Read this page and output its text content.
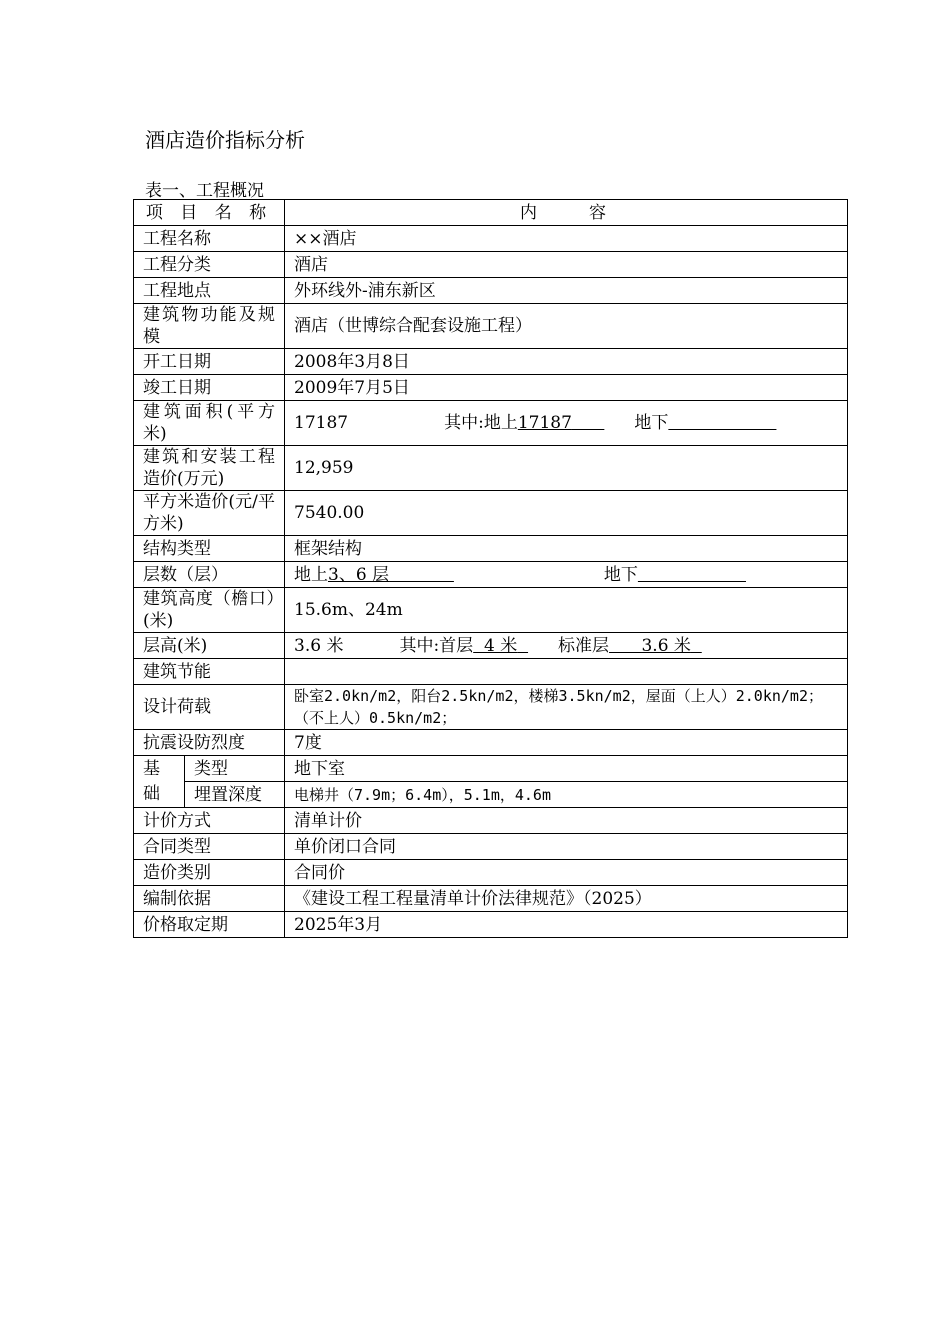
酒店造价指标分析
表一、工程概况
项 目 名 称		内　　容
工程名称		××酒店
工程分类		酒店
工程地点		外环线外-浦东新区
建筑物功能及规模		酒店（世博综合配套设施工程）
开工日期		2008年3月8日
竣工日期		2009年7月5日
建筑面积(平方米)		17187 其中:地上17187 地下
建筑和安装工程造价(万元)		12,959
平方米造价(元/平方米)		7540.00
结构类型		框架结构
层数（层）		地上3、6 层 地下
建筑高度（檐口）(米)		15.6m、24m
层高(米)		3.6 米 其中:首层 4 米 标准层 3.6 米
建筑节能		
设计荷载		卧室2.0kn/m2，阳台2.5kn/m2，楼梯3.5kn/m2，屋面（上人）2.0kn/m2；（不上人）0.5kn/m2；
抗震设防烈度		7度
基	类型	地下室
础	埋置深度	电梯井（7.9m；6.4m），5.1m，4.6m
计价方式		清单计价
合同类型		单价闭口合同
造价类别		合同价
编制依据		《建设工程工程量清单计价法律规范》（2025）
价格取定期		2025年3月
